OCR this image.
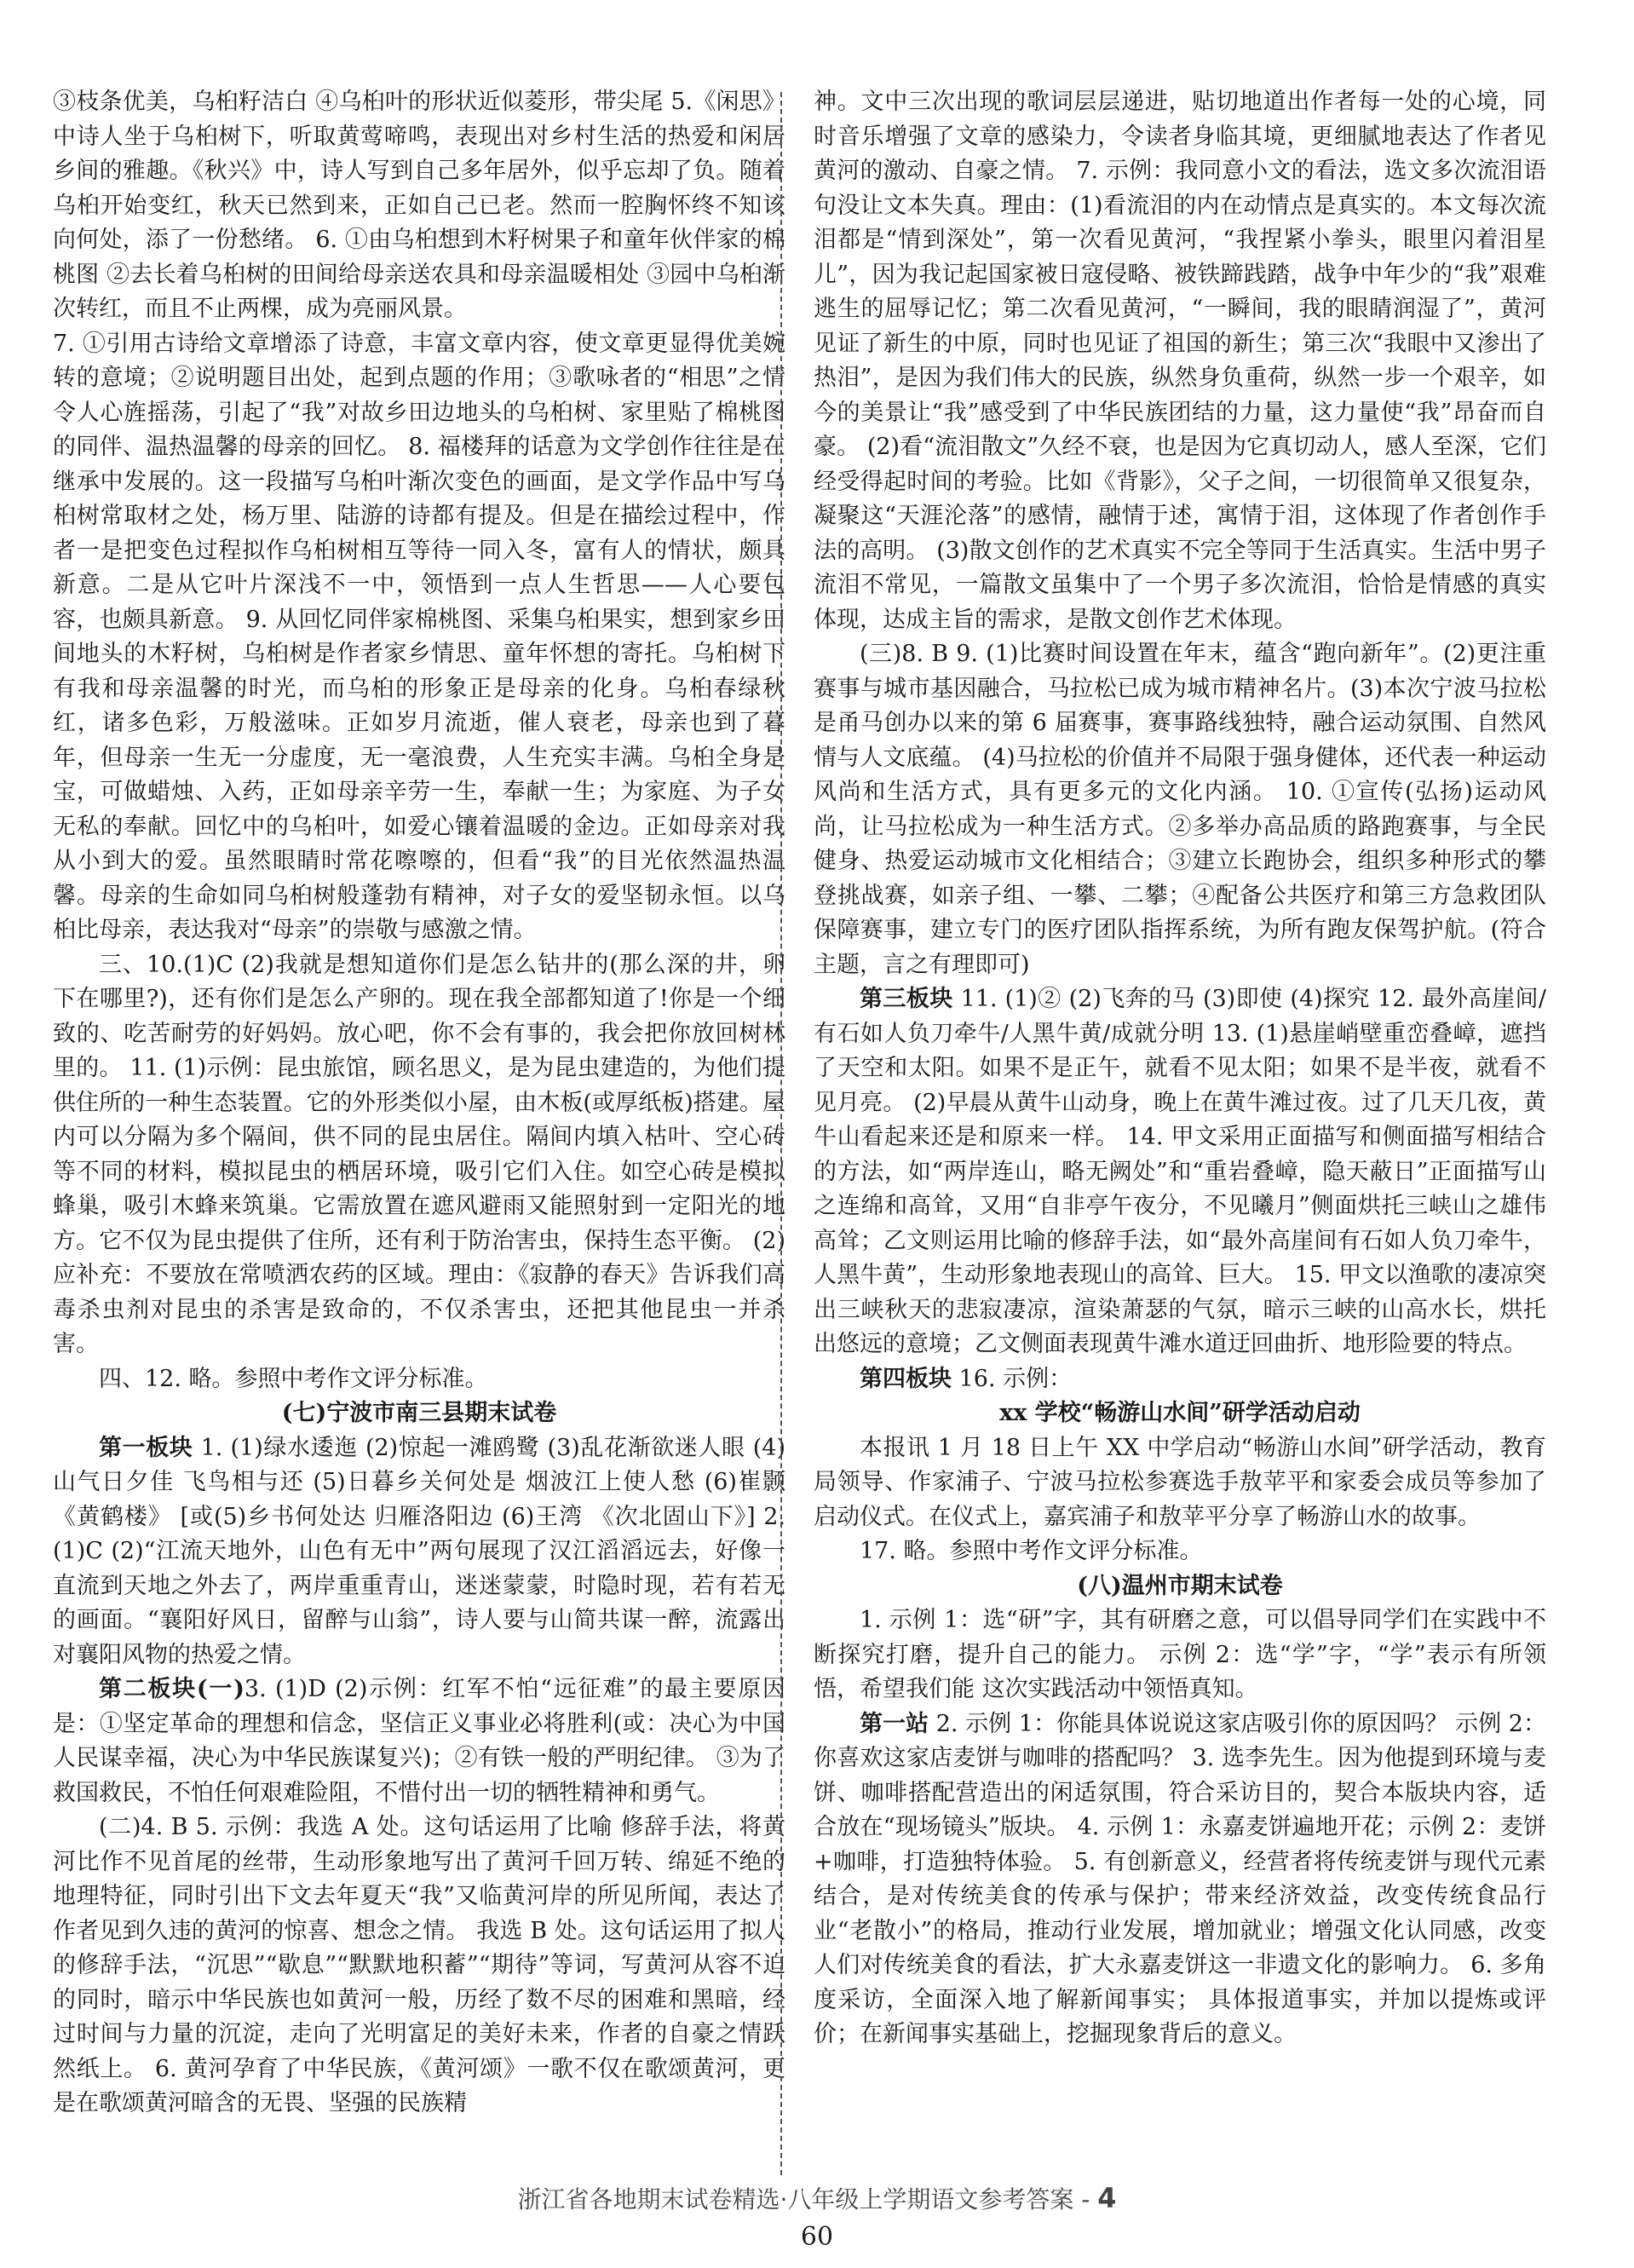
③枝条优美，乌桕籽洁白 ④乌桕叶的形状近似菱形，带尖尾 5.《闲思》中诗人坐于乌桕树下，听取黄莺啼鸣，表现出对乡村生活的热爱和闲居乡间的雅趣。《秋兴》中，诗人写到自己多年居外，似乎忘却了负。随着乌桕开始变红，秋天已然到来，正如自己已老。然而一腔胸怀终不知该向何处，添了一份愁绪。 6. ①由乌桕想到木籽树果子和童年伙伴家的棉桃图 ②去长着乌桕树的田间给母亲送农具和母亲温暖相处 ③园中乌桕渐次转红，而且不止两棵，成为亮丽风景。

7. ①引用古诗给文章增添了诗意，丰富文章内容，使文章更显得优美婉转的意境；②说明题目出处，起到点题的作用；③歌咏者的“相思”之情令人心旌摇荡，引起了“我”对故乡田边地头的乌桕树、家里贴了棉桃图的同伴、温热温馨的母亲的回忆。 8. 福楼拜的话意为文学创作往往是在继承中发展的。这一段描写乌桕叶渐次变色的画面，是文学作品中写乌桕树常取材之处，杨万里、陆游的诗都有提及。但是在描绘过程中，作者一是把变色过程拟作乌桕树相互等待一同入冬，富有人的情状，颇具新意。二是从它叶片深浅不一中，领悟到一点人生哲思——人心要包容，也颇具新意。 9. 从回忆同伴家棉桃图、采集乌桕果实，想到家乡田间地头的木籽树，乌桕树是作者家乡情思、童年怀想的寄托。乌桕树下有我和母亲温馨的时光，而乌桕的形象正是母亲的化身。乌桕春绿秋红，诸多色彩，万般滋味。正如岁月流逝，催人衰老，母亲也到了暮年，但母亲一生无一分虚度，无一毫浪费，人生充实丰满。乌桕全身是宝，可做蜡烛、入药，正如母亲辛劳一生，奉献一生；为家庭、为子女无私的奉献。回忆中的乌桕叶，如爱心镶着温暖的金边。正如母亲对我从小到大的爱。虽然眼睛时常花嚓嚓的，但看“我”的目光依然温热温馨。母亲的生命如同乌桕树般蓬勃有精神，对子女的爱坚韧永恒。以乌桕比母亲，表达我对“母亲”的崇敬与感激之情。

三、10.(1)C (2)我就是想知道你们是怎么钻井的(那么深的井，卵下在哪里?)，还有你们是怎么产卵的。现在我全部都知道了!你是一个细致的、吃苦耐劳的好妈妈。放心吧，你不会有事的，我会把你放回树林里的。 11. (1)示例：昆虫旅馆，顾名思义，是为昆虫建造的，为他们提供住所的一种生态装置。它的外形类似小屋，由木板(或厚纸板)搭建。屋内可以分隔为多个隔间，供不同的昆虫居住。隔间内填入枯叶、空心砖等不同的材料，模拟昆虫的栖居环境，吸引它们入住。如空心砖是模拟蜂巢，吸引木蜂来筑巢。它需放置在遮风避雨又能照射到一定阳光的地方。它不仅为昆虫提供了住所，还有利于防治害虫，保持生态平衡。 (2)应补充：不要放在常喷洒农药的区域。理由：《寂静的春天》告诉我们高毒杀虫剂对昆虫的杀害是致命的，不仅杀害虫，还把其他昆虫一并杀害。

四、12. 略。参照中考作文评分标准。

(七)宁波市南三县期末试卷

第一板块 1. (1)绿水逶迤 (2)惊起一滩鸥鹭 (3)乱花渐欲迷人眼 (4)山气日夕佳 飞鸟相与还 (5)日暮乡关何处是 烟波江上使人愁 (6)崔颢《黄鹤楼》 [或(5)乡书何处达 归雁洛阳边 (6)王湾 《次北固山下》] 2. (1)C (2)“江流天地外，山色有无中”两句展现了汉江滔滔远去，好像一直流到天地之外去了，两岸重重青山，迷迷蒙蒙，时隐时现，若有若无的画面。“襄阳好风日，留醉与山翁”，诗人要与山简共谋一醉，流露出对襄阳风物的热爱之情。

第二板块(一)3. (1)D (2)示例：红军不怕“远征难”的最主要原因是：①坚定革命的理想和信念，坚信正义事业必将胜利(或：决心为中国人民谋幸福，决心为中华民族谋复兴)；②有铁一般的严明纪律。 ③为了救国救民，不怕任何艰难险阻，不惜付出一切的牺牲精神和勇气。

(二)4. B 5. 示例：我选 A 处。这句话运用了比喻 修辞手法，将黄河比作不见首尾的丝带，生动形象地写出了黄河千回万转、绵延不绝的地理特征，同时引出下文去年夏天“我”又临黄河岸的所见所闻，表达了作者见到久违的黄河的惊喜、想念之情。 我选 B 处。这句话运用了拟人的修辞手法，“沉思”“歇息”“默默地积蓄”“期待”等词，写黄河从容不迫的同时，暗示中华民族也如黄河一般，历经了数不尽的困难和黑暗，经过时间与力量的沉淀，走向了光明富足的美好未来，作者的自豪之情跃然纸上。 6. 黄河孕育了中华民族，《黄河颂》一歌不仅在歌颂黄河，更是在歌颂黄河暗含的无畏、坚强的民族精

神。文中三次出现的歌词层层递进，贴切地道出作者每一处的心境，同时音乐增强了文章的感染力，令读者身临其境，更细腻地表达了作者见黄河的激动、自豪之情。 7. 示例：我同意小文的看法，选文多次流泪语句没让文本失真。理由：(1)看流泪的内在动情点是真实的。本文每次流泪都是“情到深处”，第一次看见黄河，“我捏紧小拳头，眼里闪着泪星儿”，因为我记起国家被日寇侵略、被铁蹄践踏，战争中年少的“我”艰难逃生的屈辱记忆；第二次看见黄河，“一瞬间，我的眼睛润湿了”，黄河见证了新生的中原，同时也见证了祖国的新生；第三次“我眼中又渗出了热泪”，是因为我们伟大的民族，纵然身负重荷，纵然一步一个艰辛，如今的美景让“我”感受到了中华民族团结的力量，这力量使“我”昂奋而自豪。 (2)看“流泪散文”久经不衰，也是因为它真切动人，感人至深，它们经受得起时间的考验。比如《背影》，父子之间，一切很简单又很复杂，凝聚这“天涯沦落”的感情，融情于述，寓情于泪，这体现了作者创作手法的高明。 (3)散文创作的艺术真实不完全等同于生活真实。生活中男子流泪不常见，一篇散文虽集中了一个男子多次流泪，恰恰是情感的真实体现，达成主旨的需求，是散文创作艺术体现。

(三)8. B 9. (1)比赛时间设置在年末，蕴含“跑向新年”。(2)更注重赛事与城市基因融合，马拉松已成为城市精神名片。(3)本次宁波马拉松是甬马创办以来的第 6 届赛事，赛事路线独特，融合运动氛围、自然风情与人文底蕴。 (4)马拉松的价值并不局限于强身健体，还代表一种运动风尚和生活方式，具有更多元的文化内涵。 10. ①宣传(弘扬)运动风尚，让马拉松成为一种生活方式。②多举办高品质的路跑赛事，与全民健身、热爱运动城市文化相结合；③建立长跑协会，组织多种形式的攀登挑战赛，如亲子组、一攀、二攀；④配备公共医疗和第三方急救团队保障赛事，建立专门的医疗团队指挥系统，为所有跑友保驾护航。(符合主题，言之有理即可)

第三板块 11. (1)② (2)飞奔的马 (3)即使 (4)探究 12. 最外高崖间/有石如人负刀牵牛/人黑牛黄/成就分明 13. (1)悬崖峭壁重峦叠嶂，遮挡了天空和太阳。如果不是正午，就看不见太阳；如果不是半夜，就看不见月亮。 (2)早晨从黄牛山动身，晚上在黄牛滩过夜。过了几天几夜，黄牛山看起来还是和原来一样。 14. 甲文采用正面描写和侧面描写相结合的方法，如“两岸连山，略无阙处”和“重岩叠嶂，隐天蔽日”正面描写山之连绵和高耸，又用“自非亭午夜分，不见曦月”侧面烘托三峡山之雄伟高耸；乙文则运用比喻的修辞手法，如“最外高崖间有石如人负刀牵牛，人黑牛黄”，生动形象地表现山的高耸、巨大。 15. 甲文以渔歌的凄凉突出三峡秋天的悲寂凄凉，渲染萧瑟的气氛，暗示三峡的山高水长，烘托出悠远的意境；乙文侧面表现黄牛滩水道迂回曲折、地形险要的特点。

第四板块 16. 示例：

xx 学校“畅游山水间”研学活动启动

本报讯 1 月 18 日上午 XX 中学启动“畅游山水间”研学活动，教育局领导、作家浦子、宁波马拉松参赛选手敖苹平和家委会成员等参加了启动仪式。在仪式上，嘉宾浦子和敖苹平分享了畅游山水的故事。

17. 略。参照中考作文评分标准。

(八)温州市期末试卷

1. 示例 1：选“研”字，其有研磨之意，可以倡导同学们在实践中不断探究打磨，提升自己的能力。 示例 2：选“学”字，“学”表示有所领悟，希望我们能 这次实践活动中领悟真知。

第一站 2. 示例 1：你能具体说说这家店吸引你的原因吗？ 示例 2：你喜欢这家店麦饼与咖啡的搭配吗？ 3. 选李先生。因为他提到环境与麦饼、咖啡搭配营造出的闲适氛围，符合采访目的，契合本版块内容，适合放在“现场镜头”版块。 4. 示例 1：永嘉麦饼遍地开花；示例 2：麦饼+咖啡，打造独特体验。 5. 有创新意义，经营者将传统麦饼与现代元素结合，是对传统美食的传承与保护；带来经济效益，改变传统食品行业“老散小”的格局，推动行业发展，增加就业；增强文化认同感，改变人们对传统美食的看法，扩大永嘉麦饼这一非遗文化的影响力。 6. 多角度采访，全面深入地了解新闻事实； 具体报道事实，并加以提炼或评价；在新闻事实基础上，挖掘现象背后的意义。

浙江省各地期末试卷精选·八年级上学期语文参考答案 - 4
60
